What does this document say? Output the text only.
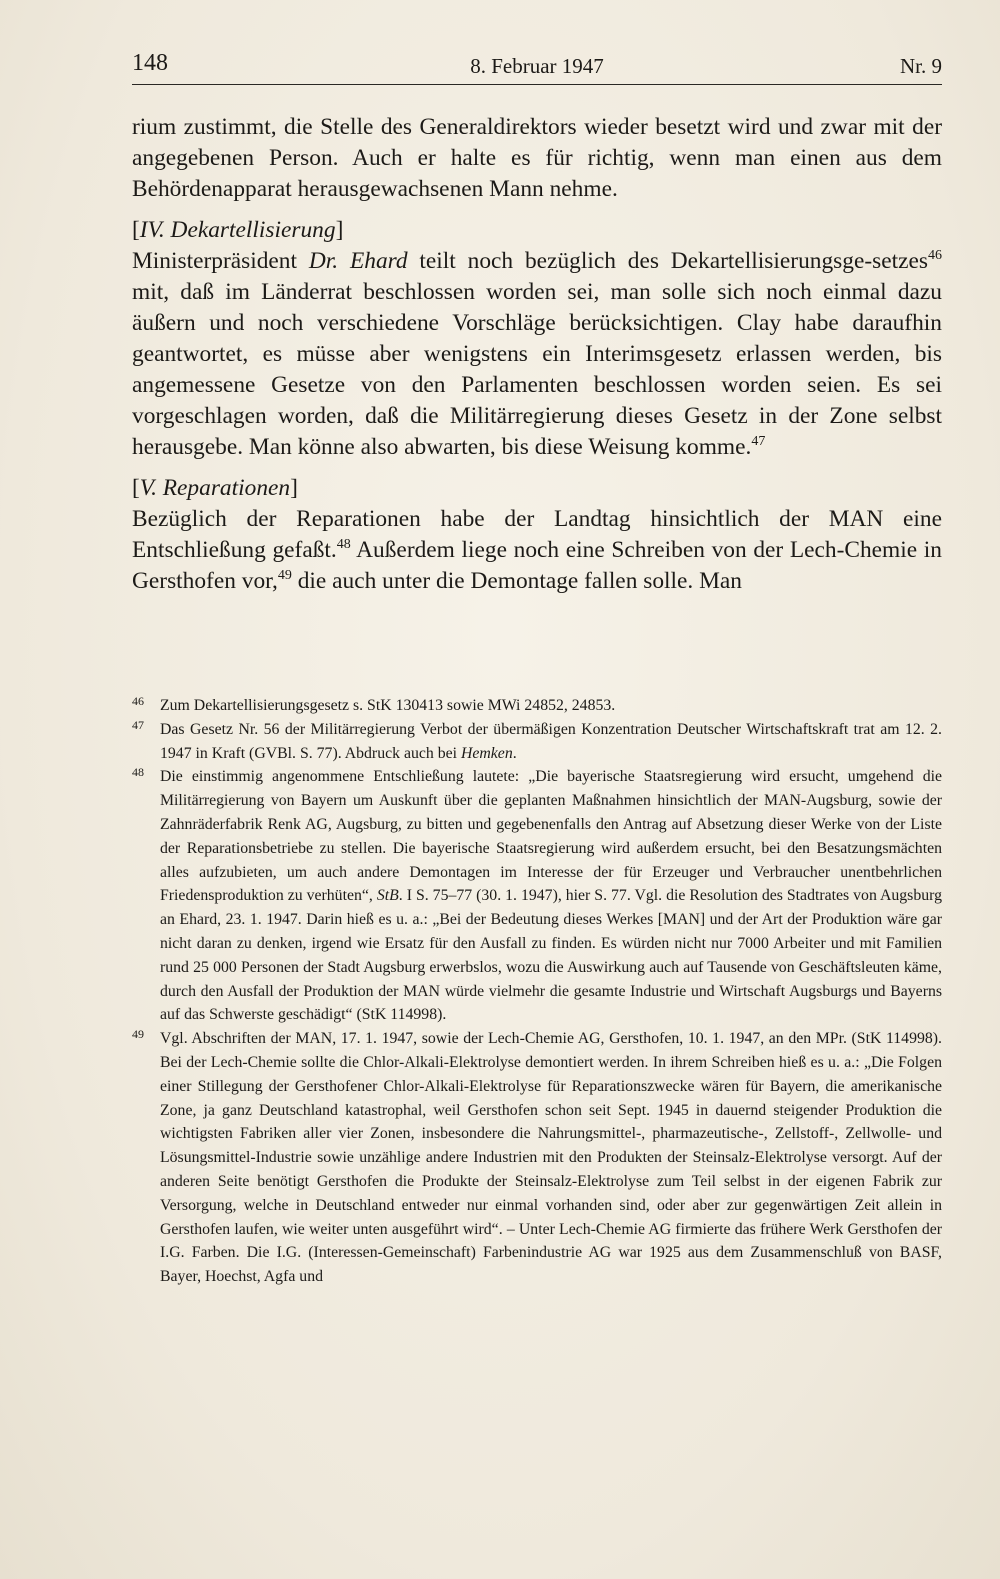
148	8. Februar 1947	Nr. 9

rium zustimmt, die Stelle des Generaldirektors wieder besetzt wird und zwar mit der angegebenen Person. Auch er halte es für richtig, wenn man einen aus dem Behördenapparat herausgewachsenen Mann nehme.

[IV. Dekartellisierung]

Ministerpräsident Dr. Ehard teilt noch bezüglich des Dekartellisierungsge-setzes$^{46}$ mit, daß im Länderrat beschlossen worden sei, man solle sich noch einmal dazu äußern und noch verschiedene Vorschläge berücksichtigen. Clay habe daraufhin geantwortet, es müsse aber wenigstens ein Interimsgesetz erlassen werden, bis angemessene Gesetze von den Parlamenten beschlossen worden seien. Es sei vorgeschlagen worden, daß die Militärregierung dieses Gesetz in der Zone selbst herausgebe. Man könne also abwarten, bis diese Weisung komme.$^{47}$

[V. Reparationen]

Bezüglich der Reparationen habe der Landtag hinsichtlich der MAN eine Entschließung gefaßt.$^{48}$ Außerdem liege noch eine Schreiben von der Lech-Chemie in Gersthofen vor,$^{49}$ die auch unter die Demontage fallen solle. Man

46 Zum Dekartellisierungsgesetz s. StK 130413 sowie MWi 24852, 24853.

47 Das Gesetz Nr. 56 der Militärregierung Verbot der übermäßigen Konzentration Deutscher Wirtschaftskraft trat am 12. 2. 1947 in Kraft (GVBl. S. 77). Abdruck auch bei Hemken.

48 Die einstimmig angenommene Entschließung lautete: „Die bayerische Staatsregierung wird ersucht, umgehend die Militärregierung von Bayern um Auskunft über die geplanten Maßnahmen hinsichtlich der MAN-Augsburg, sowie der Zahnräderfabrik Renk AG, Augsburg, zu bitten und gegebenenfalls den Antrag auf Absetzung dieser Werke von der Liste der Reparationsbetriebe zu stellen. Die bayerische Staatsregierung wird außerdem ersucht, bei den Besatzungsmächten alles aufzubieten, um auch andere Demontagen im Interesse der für Erzeuger und Verbraucher unentbehrlichen Friedensproduktion zu verhüten“, StB. I S. 75–77 (30. 1. 1947), hier S. 77. Vgl. die Resolution des Stadtrates von Augsburg an Ehard, 23. 1. 1947. Darin hieß es u. a.: „Bei der Bedeutung dieses Werkes [MAN] und der Art der Produktion wäre gar nicht daran zu denken, irgend wie Ersatz für den Ausfall zu finden. Es würden nicht nur 7000 Arbeiter und mit Familien rund 25 000 Personen der Stadt Augsburg erwerbslos, wozu die Auswirkung auch auf Tausende von Geschäftsleuten käme, durch den Ausfall der Produktion der MAN würde vielmehr die gesamte Industrie und Wirtschaft Augsburgs und Bayerns auf das Schwerste geschädigt“ (StK 114998).

49 Vgl. Abschriften der MAN, 17. 1. 1947, sowie der Lech-Chemie AG, Gersthofen, 10. 1. 1947, an den MPr. (StK 114998). Bei der Lech-Chemie sollte die Chlor-Alkali-Elektrolyse demontiert werden. In ihrem Schreiben hieß es u. a.: „Die Folgen einer Stillegung der Gersthofener Chlor-Alkali-Elektrolyse für Reparationszwecke wären für Bayern, die amerikanische Zone, ja ganz Deutschland katastrophal, weil Gersthofen schon seit Sept. 1945 in dauernd steigender Produktion die wichtigsten Fabriken aller vier Zonen, insbesondere die Nahrungsmittel-, pharmazeutische-, Zellstoff-, Zellwolle- und Lösungsmittel-Industrie sowie unzählige andere Industrien mit den Produkten der Steinsalz-Elektrolyse versorgt. Auf der anderen Seite benötigt Gersthofen die Produkte der Steinsalz-Elektrolyse zum Teil selbst in der eigenen Fabrik zur Versorgung, welche in Deutschland entweder nur einmal vorhanden sind, oder aber zur gegenwärtigen Zeit allein in Gersthofen laufen, wie weiter unten ausgeführt wird“. – Unter Lech-Chemie AG firmierte das frühere Werk Gersthofen der I.G. Farben. Die I.G. (Interessen-Gemeinschaft) Farbenindustrie AG war 1925 aus dem Zusammenschluß von BASF, Bayer, Hoechst, Agfa und
